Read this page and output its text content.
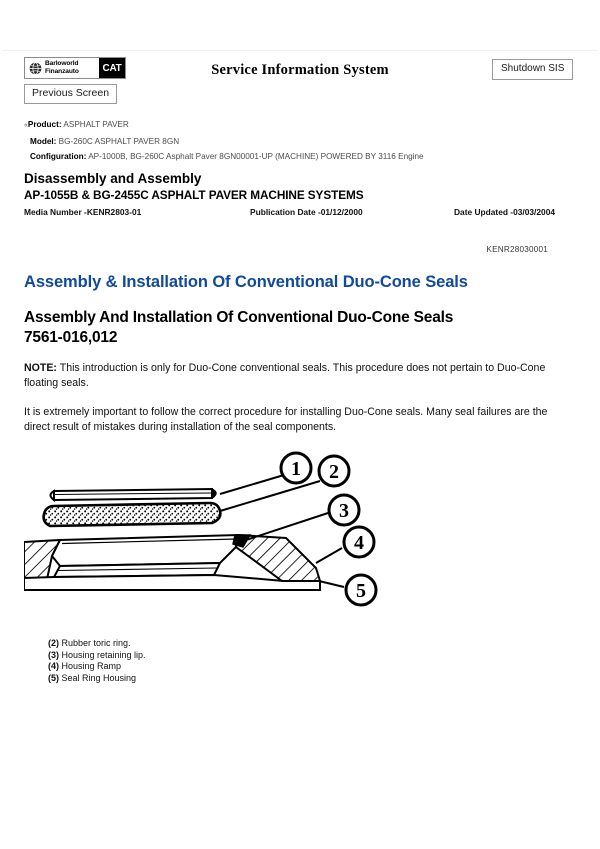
Barloworld
Finanzauto	CAT
Previous Screen
Service Information System	Shutdown SIS
«Product: ASPHALT PAVER
Model: BG-260C ASPHALT PAVER 8GN
Configuration: AP-1000B, BG-260C Asphalt Paver 8GN00001-UP (MACHINE) POWERED BY 3116 Engine
Disassembly and Assembly
AP-1055B & BG-2455C ASPHALT PAVER MACHINE SYSTEMS
Media Number -KENR2803-01	Publication Date -01/12/2000	Date Updated -03/03/2004
KENR28030001
Assembly & Installation Of Conventional Duo-Cone Seals
Assembly And Installation Of Conventional Duo-Cone Seals
7561-016,012
NOTE: This introduction is only for Duo-Cone conventional seals. This procedure does not pertain to Duo-Cone floating seals.
It is extremely important to follow the correct procedure for installing Duo-Cone seals. Many seal failures are the direct result of mistakes during installation of the seal components.
1 2
3
4
5
(2) Rubber toric ring.
(3) Housing retaining lip.
(4) Housing Ramp
(5) Seal Ring Housing
